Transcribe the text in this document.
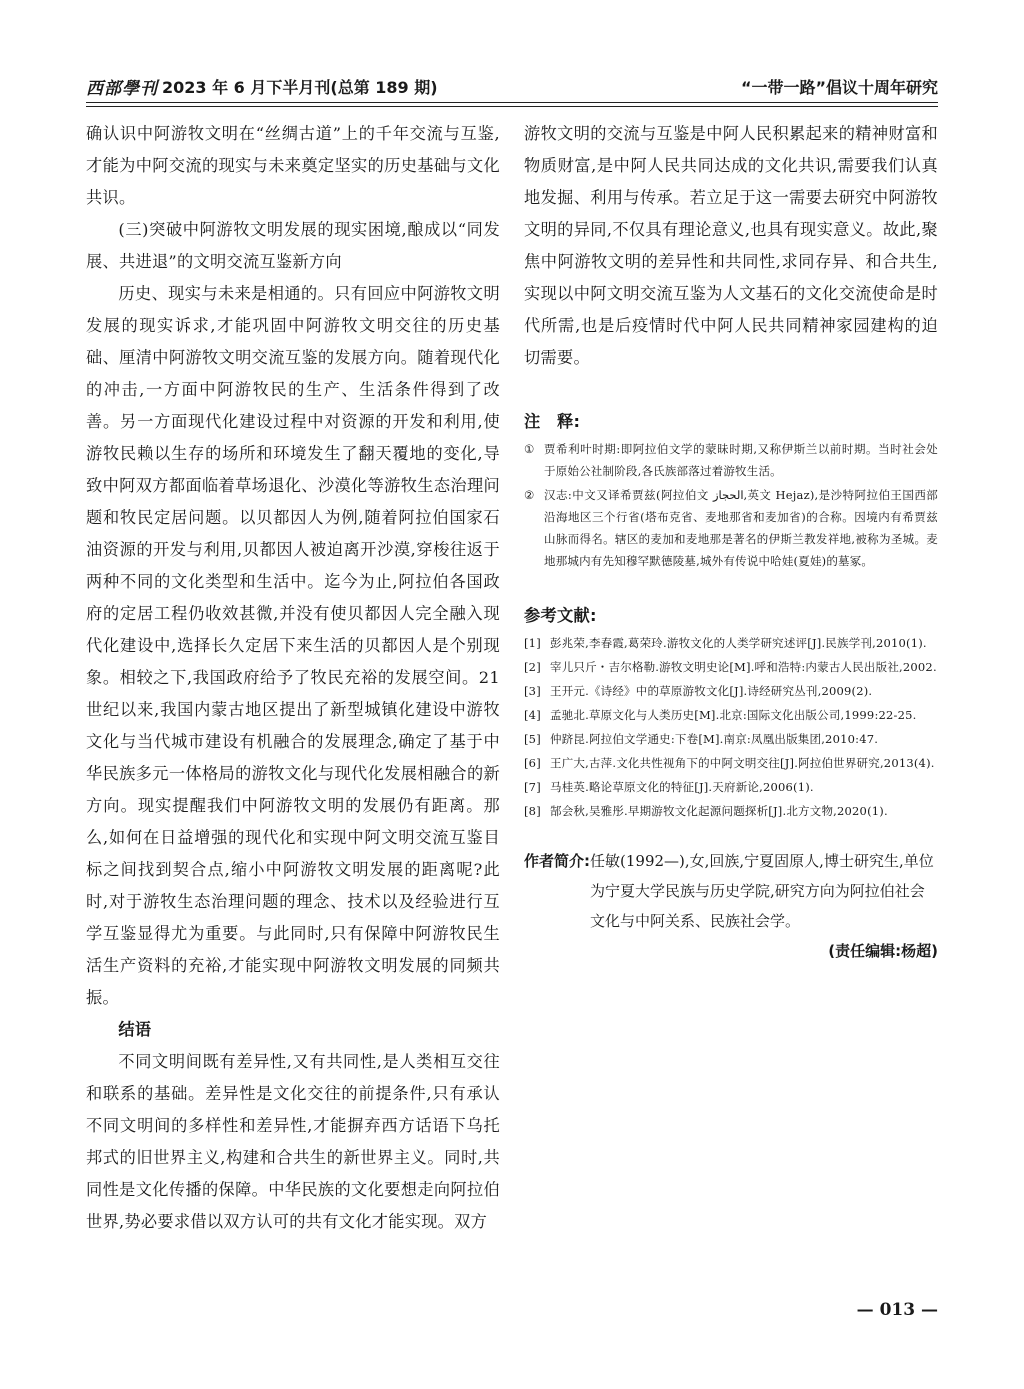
西部學刊 2023 年 6 月下半月刊(总第 189 期)	“一带一路”倡议十周年研究

确认识中阿游牧文明在“丝绸古道”上的千年交流与互鉴,才能为中阿交流的现实与未来奠定坚实的历史基础与文化共识。

(三)突破中阿游牧文明发展的现实困境,酿成以“同发展、共进退”的文明交流互鉴新方向

历史、现实与未来是相通的。只有回应中阿游牧文明发展的现实诉求,才能巩固中阿游牧文明交往的历史基础、厘清中阿游牧文明交流互鉴的发展方向。随着现代化的冲击,一方面中阿游牧民的生产、生活条件得到了改善。另一方面现代化建设过程中对资源的开发和利用,使游牧民赖以生存的场所和环境发生了翻天覆地的变化,导致中阿双方都面临着草场退化、沙漠化等游牧生态治理问题和牧民定居问题。以贝都因人为例,随着阿拉伯国家石油资源的开发与利用,贝都因人被迫离开沙漠,穿梭往返于两种不同的文化类型和生活中。迄今为止,阿拉伯各国政府的定居工程仍收效甚微,并没有使贝都因人完全融入现代化建设中,选择长久定居下来生活的贝都因人是个别现象。相较之下,我国政府给予了牧民充裕的发展空间。21 世纪以来,我国内蒙古地区提出了新型城镇化建设中游牧文化与当代城市建设有机融合的发展理念,确定了基于中华民族多元一体格局的游牧文化与现代化发展相融合的新方向。现实提醒我们中阿游牧文明的发展仍有距离。那么,如何在日益增强的现代化和实现中阿文明交流互鉴目标之间找到契合点,缩小中阿游牧文明发展的距离呢?此时,对于游牧生态治理问题的理念、技术以及经验进行互学互鉴显得尤为重要。与此同时,只有保障中阿游牧民生活生产资料的充裕,才能实现中阿游牧文明发展的同频共振。

结语

不同文明间既有差异性,又有共同性,是人类相互交往和联系的基础。差异性是文化交往的前提条件,只有承认不同文明间的多样性和差异性,才能摒弃西方话语下乌托邦式的旧世界主义,构建和合共生的新世界主义。同时,共同性是文化传播的保障。中华民族的文化要想走向阿拉伯世界,势必要求借以双方认可的共有文化才能实现。双方

游牧文明的交流与互鉴是中阿人民积累起来的精神财富和物质财富,是中阿人民共同达成的文化共识,需要我们认真地发掘、利用与传承。若立足于这一需要去研究中阿游牧文明的异同,不仅具有理论意义,也具有现实意义。故此,聚焦中阿游牧文明的差异性和共同性,求同存异、和合共生,实现以中阿文明交流互鉴为人文基石的文化交流使命是时代所需,也是后疫情时代中阿人民共同精神家园建构的迫切需要。

注　释:

① 贾希利叶时期:即阿拉伯文学的蒙昧时期,又称伊斯兰以前时期。当时社会处于原始公社制阶段,各氏族部落过着游牧生活。
② 汉志:中文又译希贾兹(阿拉伯文 الحجاز,英文 Hejaz),是沙特阿拉伯王国西部沿海地区三个行省(塔布克省、麦地那省和麦加省)的合称。因境内有希贾兹山脉而得名。辖区的麦加和麦地那是著名的伊斯兰教发祥地,被称为圣城。麦地那城内有先知穆罕默德陵墓,城外有传说中哈娃(夏娃)的墓冢。

参考文献:

[1] 彭兆荣,李春霞,葛荣玲.游牧文化的人类学研究述评[J].民族学刊,2010(1).
[2] 宰儿只斤・吉尔格勒.游牧文明史论[M].呼和浩特:内蒙古人民出版社,2002.
[3] 王开元.《诗经》中的草原游牧文化[J].诗经研究丛刊,2009(2).
[4] 孟驰北.草原文化与人类历史[M].北京:国际文化出版公司,1999:22-25.
[5] 仲跻昆.阿拉伯文学通史:下卷[M].南京:凤凰出版集团,2010:47.
[6] 王广大,古萍.文化共性视角下的中阿文明交往[J].阿拉伯世界研究,2013(4).
[7] 马桂英.略论草原文化的特征[J].天府新论,2006(1).
[8] 郜会秋,吴雅彤.早期游牧文化起源问题探析[J].北方文物,2020(1).
作者简介: 任敏(1992—),女,回族,宁夏固原人,博士研究生,单位为宁夏大学民族与历史学院,研究方向为阿拉伯社会文化与中阿关系、民族社会学。
(责任编辑:杨超)
— 013 —
